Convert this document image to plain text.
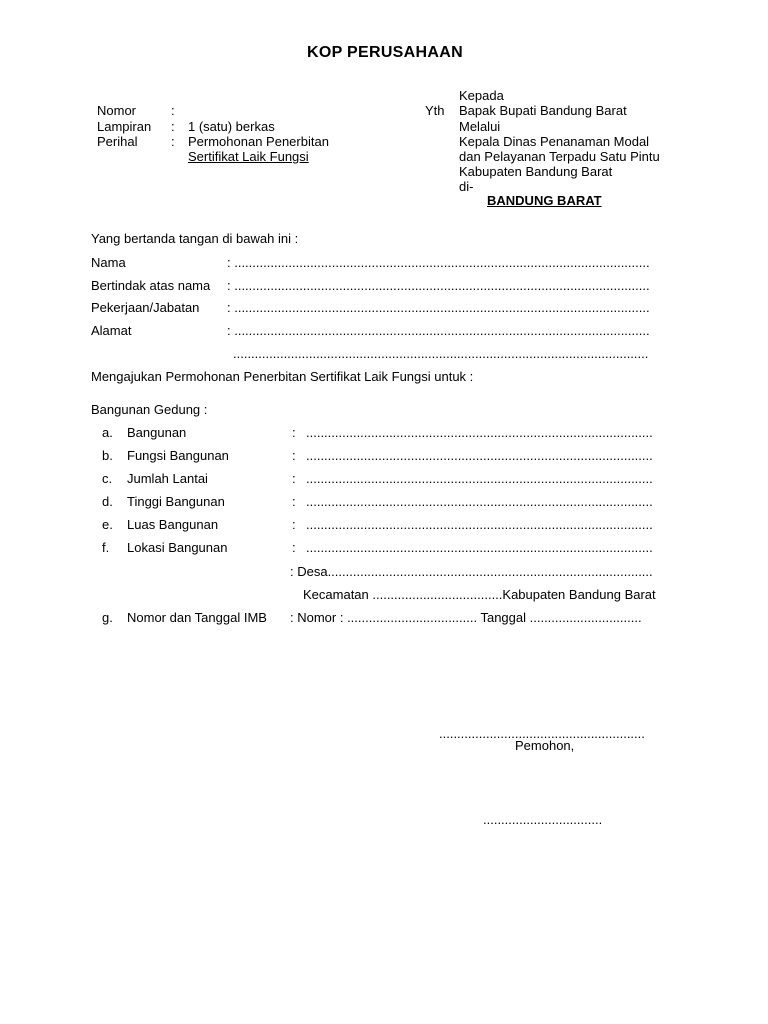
KOP PERUSAHAAN
Nomor	:
Lampiran : 1 (satu) berkas
Perihal	: Permohonan Penerbitan
Sertifikat Laik Fungsi
Kepada
Yth Bapak Bupati Bandung Barat
Melalui
Kepala Dinas Penanaman Modal
dan Pelayanan Terpadu Satu Pintu
Kabupaten Bandung Barat
di-
BANDUNG BARAT
Yang bertanda tangan di bawah ini :
Nama	: ...................................................................................................................
Bertindak atas nama : ...................................................................................................................
Pekerjaan/Jabatan : ...................................................................................................................
Alamat	: ...................................................................................................................
...................................................................................................................
Mengajukan Permohonan Penerbitan Sertifikat Laik Fungsi untuk :
Bangunan Gedung :
a. Bangunan	: ................................................................................................
b. Fungsi Bangunan	: ................................................................................................
c. Jumlah Lantai	: ................................................................................................
d. Tinggi Bangunan	: ................................................................................................
e. Luas Bangunan	: ................................................................................................
f. Lokasi Bangunan	: ................................................................................................
: Desa..........................................................................................
Kecamatan ....................................Kabupaten Bandung Barat
g. Nomor dan Tanggal IMB : Nomor : .................................... Tanggal ...............................
.........................................................
Pemohon,
.................................
